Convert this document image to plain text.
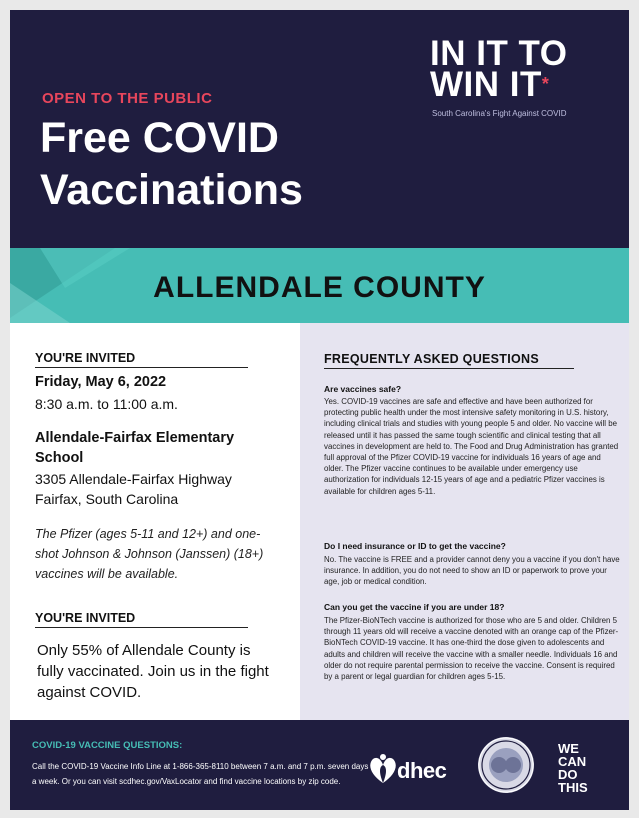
OPEN TO THE PUBLIC
Free COVID Vaccinations
IN IT TO
WIN IT*
South Carolina's Fight Against COVID
ALLENDALE COUNTY
YOU'RE INVITED
Friday, May 6, 2022
8:30 a.m. to 11:00 a.m.
Allendale-Fairfax Elementary School
3305 Allendale-Fairfax Highway
Fairfax, South Carolina
The Pfizer (ages 5-11 and 12+) and one-shot Johnson & Johnson (Janssen) (18+) vaccines will be available.
YOU'RE INVITED
Only 55% of Allendale County is fully vaccinated. Join us in the fight against COVID.
FREQUENTLY ASKED QUESTIONS
Are vaccines safe?
Yes. COVID-19 vaccines are safe and effective and have been authorized for protecting public health under the most intensive safety monitoring in U.S. history, including clinical trials and studies with young people 5 and older. No vaccine will be released until it has passed the same tough scientific and clinical testing that all vaccines in development are held to. The Food and Drug Administration has granted full approval of the Pfizer COVID-19 vaccine for individuals 16 years of age and older. The Pfizer vaccine continues to be available under emergency use authorization for individuals 12-15 years of age and a pediatric Pfizer vaccines is available for children ages 5-11.
Do I need insurance or ID to get the vaccine?
No. The vaccine is FREE and a provider cannot deny you a vaccine if you don't have insurance. In addition, you do not need to show an ID or paperwork to prove your age, job or medical condition.
Can you get the vaccine if you are under 18?
The Pfizer-BioNTech vaccine is authorized for those who are 5 and older. Children 5 through 11 years old will receive a vaccine denoted with an orange cap of the Pfizer-BioNTech COVID-19 vaccine. It has one-third the dose given to adolescents and adults and children will receive the vaccine with a smaller needle. Individuals 16 and older do not require parental permission to receive the vaccine. Consent is required by a parent or legal guardian for children ages 5-15.
COVID-19 VACCINE QUESTIONS:
Call the COVID-19 Vaccine Info Line at 1-866-365-8110 between 7 a.m. and 7 p.m. seven days a week. Or you can visit scdhec.gov/VaxLocator and find vaccine locations by zip code.	dhec
WE
CAN
DO
THIS
